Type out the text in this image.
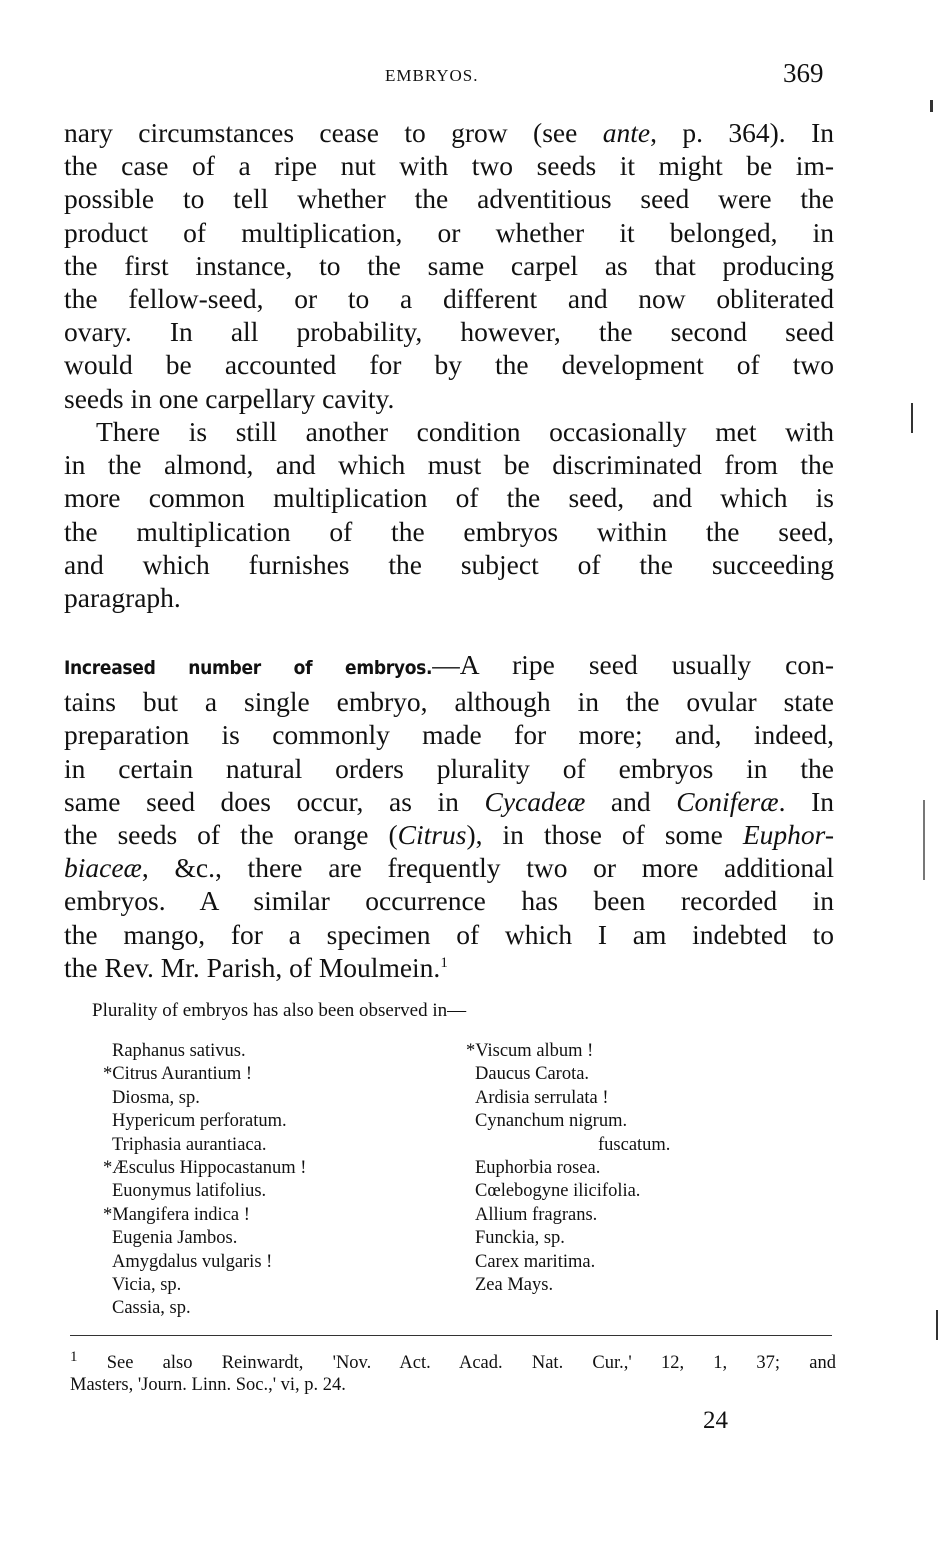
EMBRYOS.	369
nary circumstances cease to grow (see ante, p. 364). In
the case of a ripe nut with two seeds it might be im-
possible to tell whether the adventitious seed were the
product of multiplication, or whether it belonged, in
the first instance, to the same carpel as that producing
the fellow-seed, or to a different and now obliterated
ovary. In all probability, however, the second seed
would be accounted for by the development of two
seeds in one carpellary cavity.
There is still another condition occasionally met with
in the almond, and which must be discriminated from the
more common multiplication of the seed, and which is
the multiplication of the embryos within the seed,
and which furnishes the subject of the succeeding
paragraph.
Increased number of embryos.—A ripe seed usually con-
tains but a single embryo, although in the ovular state
preparation is commonly made for more; and, indeed,
in certain natural orders plurality of embryos in the
same seed does occur, as in Cycadeæ and Coniferæ. In
the seeds of the orange (Citrus), in those of some Euphor-
biaceæ, &c., there are frequently two or more additional
embryos. A similar occurrence has been recorded in
the mango, for a specimen of which I am indebted to
the Rev. Mr. Parish, of Moulmein.$^1$
Plurality of embryos has also been observed in—
Raphanus sativus.
*Citrus Aurantium !
Diosma, sp.
Hypericum perforatum.
Triphasia aurantiaca.
*Æsculus Hippocastanum !
Euonymus latifolius.
*Mangifera indica !
Eugenia Jambos.
Amygdalus vulgaris !
Vicia, sp.
Cassia, sp.
*Viscum album !
Daucus Carota.
Ardisia serrulata !
Cynanchum nigrum.
fuscatum.
Euphorbia rosea.
Cœlebogyne ilicifolia.
Allium fragrans.
Funckia, sp.
Carex maritima.
Zea Mays.
$^1$ See also Reinwardt, 'Nov. Act. Acad. Nat. Cur.,' 12, 1, 37; and
Masters, 'Journ. Linn. Soc.,' vi, p. 24.
24
